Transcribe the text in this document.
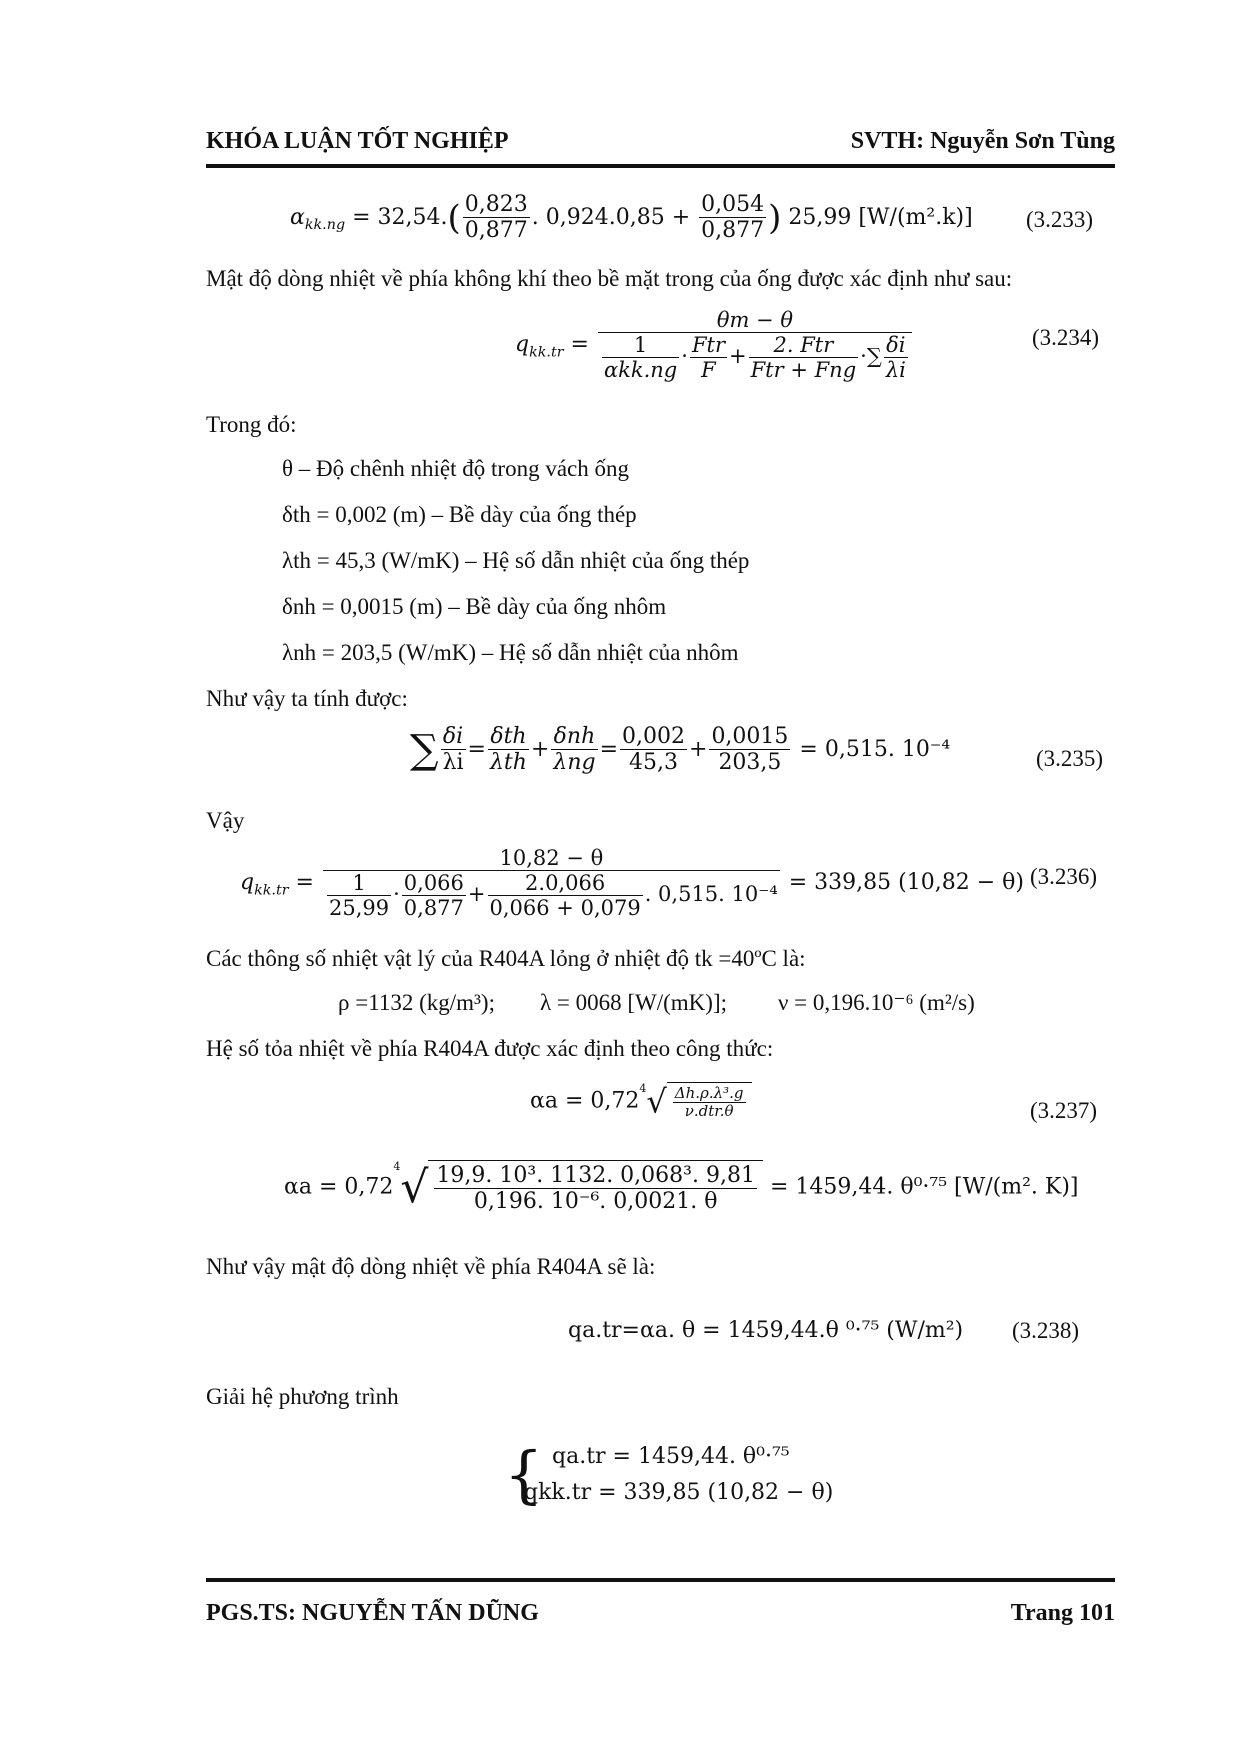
KHÓA LUẬN TỐT NGHIỆP	SVTH: Nguyễn Sơn Tùng
$\alpha_{kk.ng} = 32,54.( \frac{0,823}{0,877}$ . $0,924.0,85 + \frac{0,054}{0,877}$ ) 25,99 [W/(m².k)] (3.233)
Mật độ dòng nhiệt về phía không khí theo bề mặt trong của ống được xác định như sau:
$q_{kk.tr} = \frac{\theta m - \theta}{\frac{1}{\text{αkk.ng}} \cdot \frac{\text{Ftr}}{F} + \frac{\text{2. Ftr}}{\text{Ftr + Fng}} \cdot\sum \frac{\delta i}{\lambda i}}$	(3.234)
Trong đó:
θ – Độ chênh nhiệt độ trong vách ống
δth = 0,002 (m) – Bề dày của ống thép
λth = 45,3 (W/mK) – Hệ số dẫn nhiệt của ống thép
δnh = 0,0015 (m) – Bề dày của ống nhôm
λnh = 203,5 (W/mK) – Hệ số dẫn nhiệt của nhôm
Như vậy ta tính được:
∑ $\frac{\delta i}{\lambda i} = \frac{\text{δth}}{\text{λth}} + \frac{\text{δnh}}{\text{λng}} = \frac{0,002}{45,3} + \frac{0,0015}{203,5} = 0,515$. 10⁻⁴	(3.235)
Vậy
$q_{kk.tr} = \frac{10,82 - \theta}{\frac{1}{25,99} \cdot \frac{0,066}{0,877} + \frac{2.0,066}{0,066 + 0,079} . 0,515. 10^{-4}} = 339,85$ (10,82 − θ) (3.236)
Các thông số nhiệt vật lý của R404A lỏng ở nhiệt độ tk =40ºC là:
ρ =1132 (kg/m³); λ = 0068 [W/(mK)]; ν = 0,196.10⁻⁶ (m²/s)
Hệ số tỏa nhiệt về phía R404A được xác định theo công thức:
$\alpha a = 0,72^4√ \frac{\text{Δh.ρ.λ³.g}}{\text{ν.dtr.θ}}$	(3.237)
$\alpha a = 0,72^4√ \frac{\text{19,9. 10³. 1132. 0,068³. 9,81}}{\text{0,196. 10⁻⁶. 0,0021. θ}} = 1459,44$. θ⁰·⁷⁵ [W/(m². K)]
Như vậy mật độ dòng nhiệt về phía R404A sẽ là:
qa.tr=αa. θ = 1459,44.θ ⁰·⁷⁵ (W/m²) (3.238)
Giải hệ phương trình
{ qa.tr = 1459,44. θ⁰·⁷⁵
qkk.tr = 339,85 (10,82 − θ)
PGS.TS: NGUYỄN TẤN DŨNG	Trang 101
